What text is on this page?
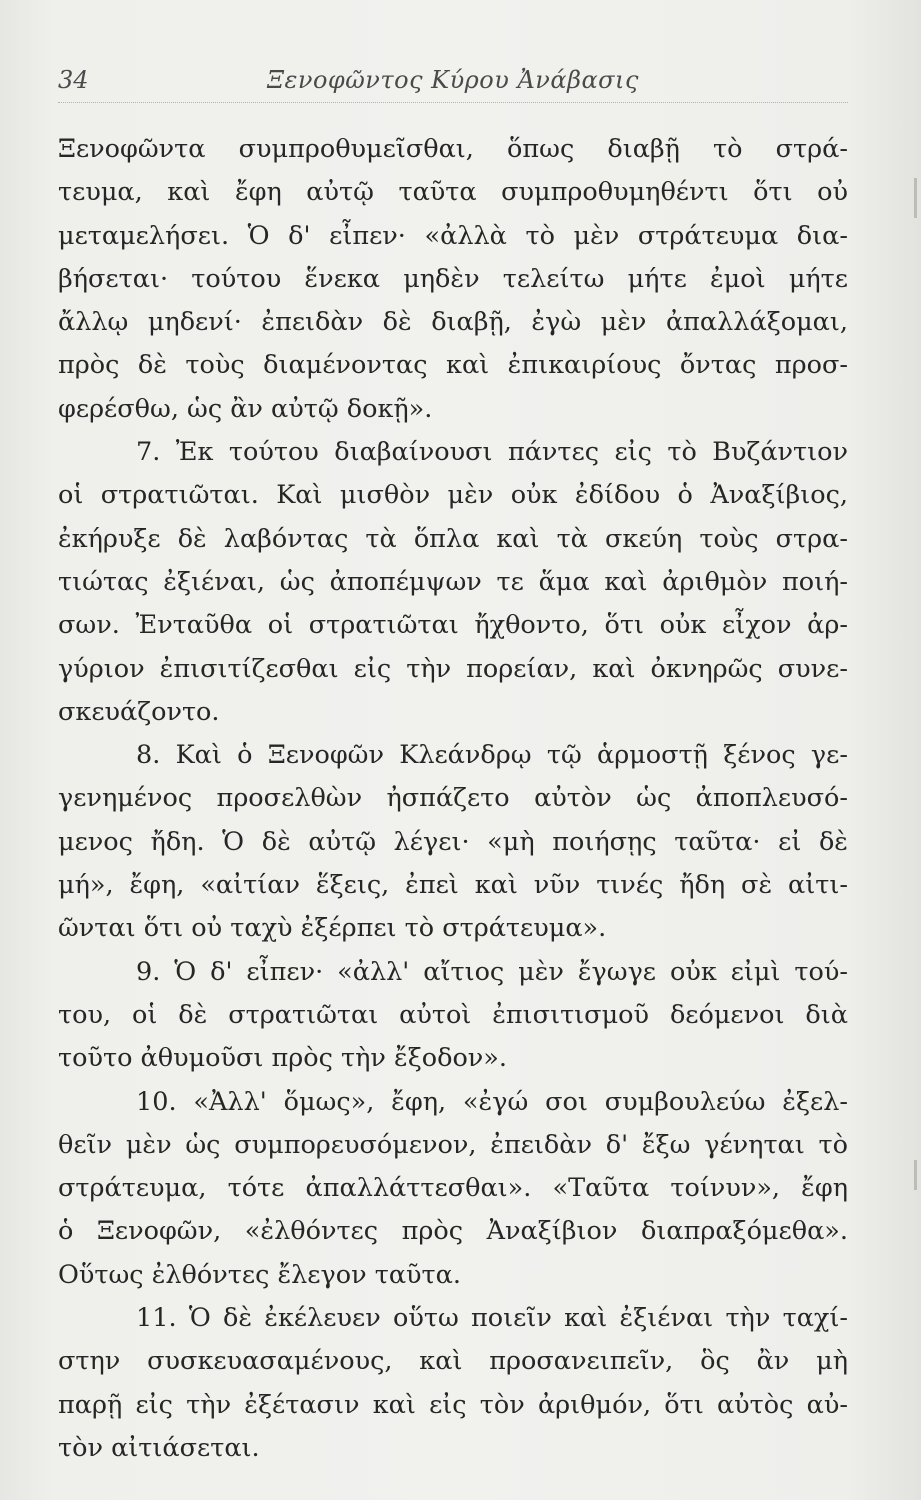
34	Ξενοφῶντος Κύρου Ἀνάβασις
Ξενοφῶντα συμπροθυμεῖσθαι, ὅπως διαβῇ τὸ στρά-
τευμα, καὶ ἔφη αὐτῷ ταῦτα συμπροθυμηθέντι ὅτι οὐ
μεταμελήσει. Ὁ δ' εἶπεν· «ἀλλὰ τὸ μὲν στράτευμα δια-
βήσεται· τούτου ἕνεκα μηδὲν τελείτω μήτε ἐμοὶ μήτε
ἄλλῳ μηδενί· ἐπειδὰν δὲ διαβῇ, ἐγὼ μὲν ἀπαλλάξομαι,
πρὸς δὲ τοὺς διαμένοντας καὶ ἐπικαιρίους ὄντας προσ-
φερέσθω, ὡς ἂν αὐτῷ δοκῇ».
7. Ἐκ τούτου διαβαίνουσι πάντες εἰς τὸ Βυζάντιον
οἱ στρατιῶται. Καὶ μισθὸν μὲν οὐκ ἐδίδου ὁ Ἀναξίβιος,
ἐκήρυξε δὲ λαβόντας τὰ ὅπλα καὶ τὰ σκεύη τοὺς στρα-
τιώτας ἐξιέναι, ὡς ἀποπέμψων τε ἅμα καὶ ἀριθμὸν ποιή-
σων. Ἐνταῦθα οἱ στρατιῶται ἤχθοντο, ὅτι οὐκ εἶχον ἀρ-
γύριον ἐπισιτίζεσθαι εἰς τὴν πορείαν, καὶ ὀκνηρῶς συνε-
σκευάζοντο.
8. Καὶ ὁ Ξενοφῶν Κλεάνδρῳ τῷ ἁρμοστῇ ξένος γε-
γενημένος προσελθὼν ἠσπάζετο αὐτὸν ὡς ἀποπλευσό-
μενος ἤδη. Ὁ δὲ αὐτῷ λέγει· «μὴ ποιήσῃς ταῦτα· εἰ δὲ
μή», ἔφη, «αἰτίαν ἕξεις, ἐπεὶ καὶ νῦν τινές ἤδη σὲ αἰτι-
ῶνται ὅτι οὐ ταχὺ ἐξέρπει τὸ στράτευμα».
9. Ὁ δ' εἶπεν· «ἀλλ' αἴτιος μὲν ἔγωγε οὐκ εἰμὶ τού-
του, οἱ δὲ στρατιῶται αὐτοὶ ἐπισιτισμοῦ δεόμενοι διὰ
τοῦτο ἀθυμοῦσι πρὸς τὴν ἔξοδον».
10. «Ἀλλ' ὅμως», ἔφη, «ἐγώ σοι συμβουλεύω ἐξελ-
θεῖν μὲν ὡς συμπορευσόμενον, ἐπειδὰν δ' ἔξω γένηται τὸ
στράτευμα, τότε ἀπαλλάττεσθαι». «Ταῦτα τοίνυν», ἔφη
ὁ Ξενοφῶν, «ἐλθόντες πρὸς Ἀναξίβιον διαπραξόμεθα».
Οὕτως ἐλθόντες ἔλεγον ταῦτα.
11. Ὁ δὲ ἐκέλευεν οὕτω ποιεῖν καὶ ἐξιέναι τὴν ταχί-
στην συσκευασαμένους, καὶ προσανειπεῖν, ὃς ἂν μὴ
παρῇ εἰς τὴν ἐξέτασιν καὶ εἰς τὸν ἀριθμόν, ὅτι αὐτὸς αὐ-
τὸν αἰτιάσεται.
